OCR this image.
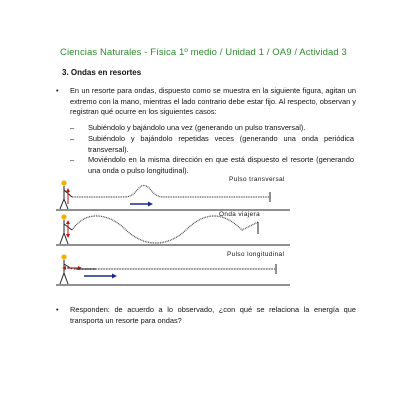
Ciencias Naturales - Física 1º medio / Unidad 1 / OA9 / Actividad 3
3. Ondas en resortes
• En un resorte para ondas, dispuesto como se muestra en la siguiente figura, agitan un extremo con la mano, mientras el lado contrario debe estar fijo. Al respecto, observan y registran qué ocurre en los siguientes casos:
– Subiéndolo y bajándolo una vez (generando un pulso transversal).
– Subiéndolo y bajándolo repetidas veces (generando una onda periódica transversal).
– Moviéndolo en la misma dirección en que está dispuesto el resorte (generando una onda o pulso longitudinal).
Pulso transversal
Onda viajera
Pulso longitudinal
• Responden: de acuerdo a lo observado, ¿con qué se relaciona la energía que transporta un resorte para ondas?
